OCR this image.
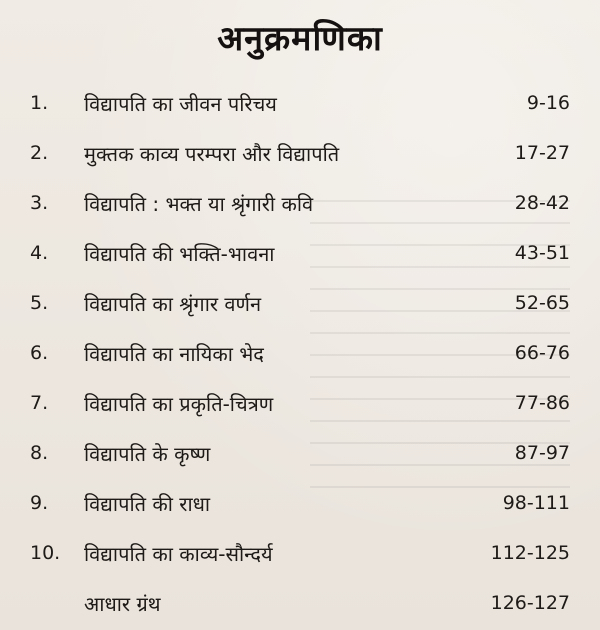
अनुक्रमणिका
1.	विद्यापति का जीवन परिचय	9-16
2.	मुक्तक काव्य परम्परा और विद्यापति	17-27
3.	विद्यापति : भक्त या श्रृंगारी कवि	28-42
4.	विद्यापति की भक्ति-भावना	43-51
5.	विद्यापति का श्रृंगार वर्णन	52-65
6.	विद्यापति का नायिका भेद	66-76
7.	विद्यापति का प्रकृति-चित्रण	77-86
8.	विद्यापति के कृष्ण	87-97
9.	विद्यापति की राधा	98-111
10.	विद्यापति का काव्य-सौन्दर्य	112-125
आधार ग्रंथ	126-127
